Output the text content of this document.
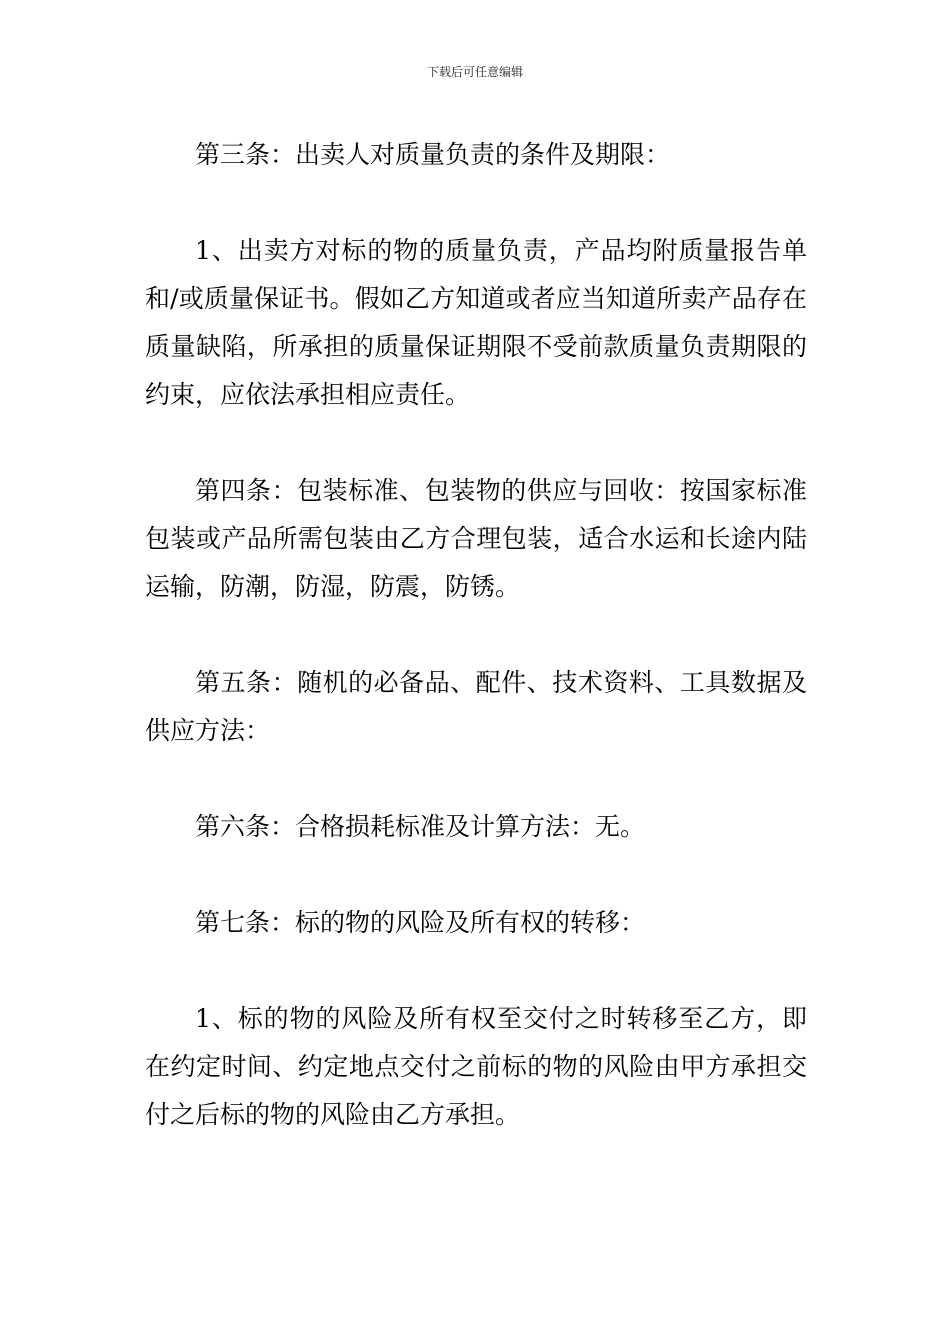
下载后可任意编辑

第三条：出卖人对质量负责的条件及期限：

1、出卖方对标的物的质量负责，产品均附质量报告单和/或质量保证书。假如乙方知道或者应当知道所卖产品存在质量缺陷，所承担的质量保证期限不受前款质量负责期限的约束，应依法承担相应责任。

第四条：包装标准、包装物的供应与回收：按国家标准包装或产品所需包装由乙方合理包装，适合水运和长途内陆运输，防潮，防湿，防震，防锈。

第五条：随机的必备品、配件、技术资料、工具数据及供应方法：

第六条：合格损耗标准及计算方法：无。

第七条：标的物的风险及所有权的转移：

1、标的物的风险及所有权至交付之时转移至乙方，即在约定时间、约定地点交付之前标的物的风险由甲方承担交付之后标的物的风险由乙方承担。
